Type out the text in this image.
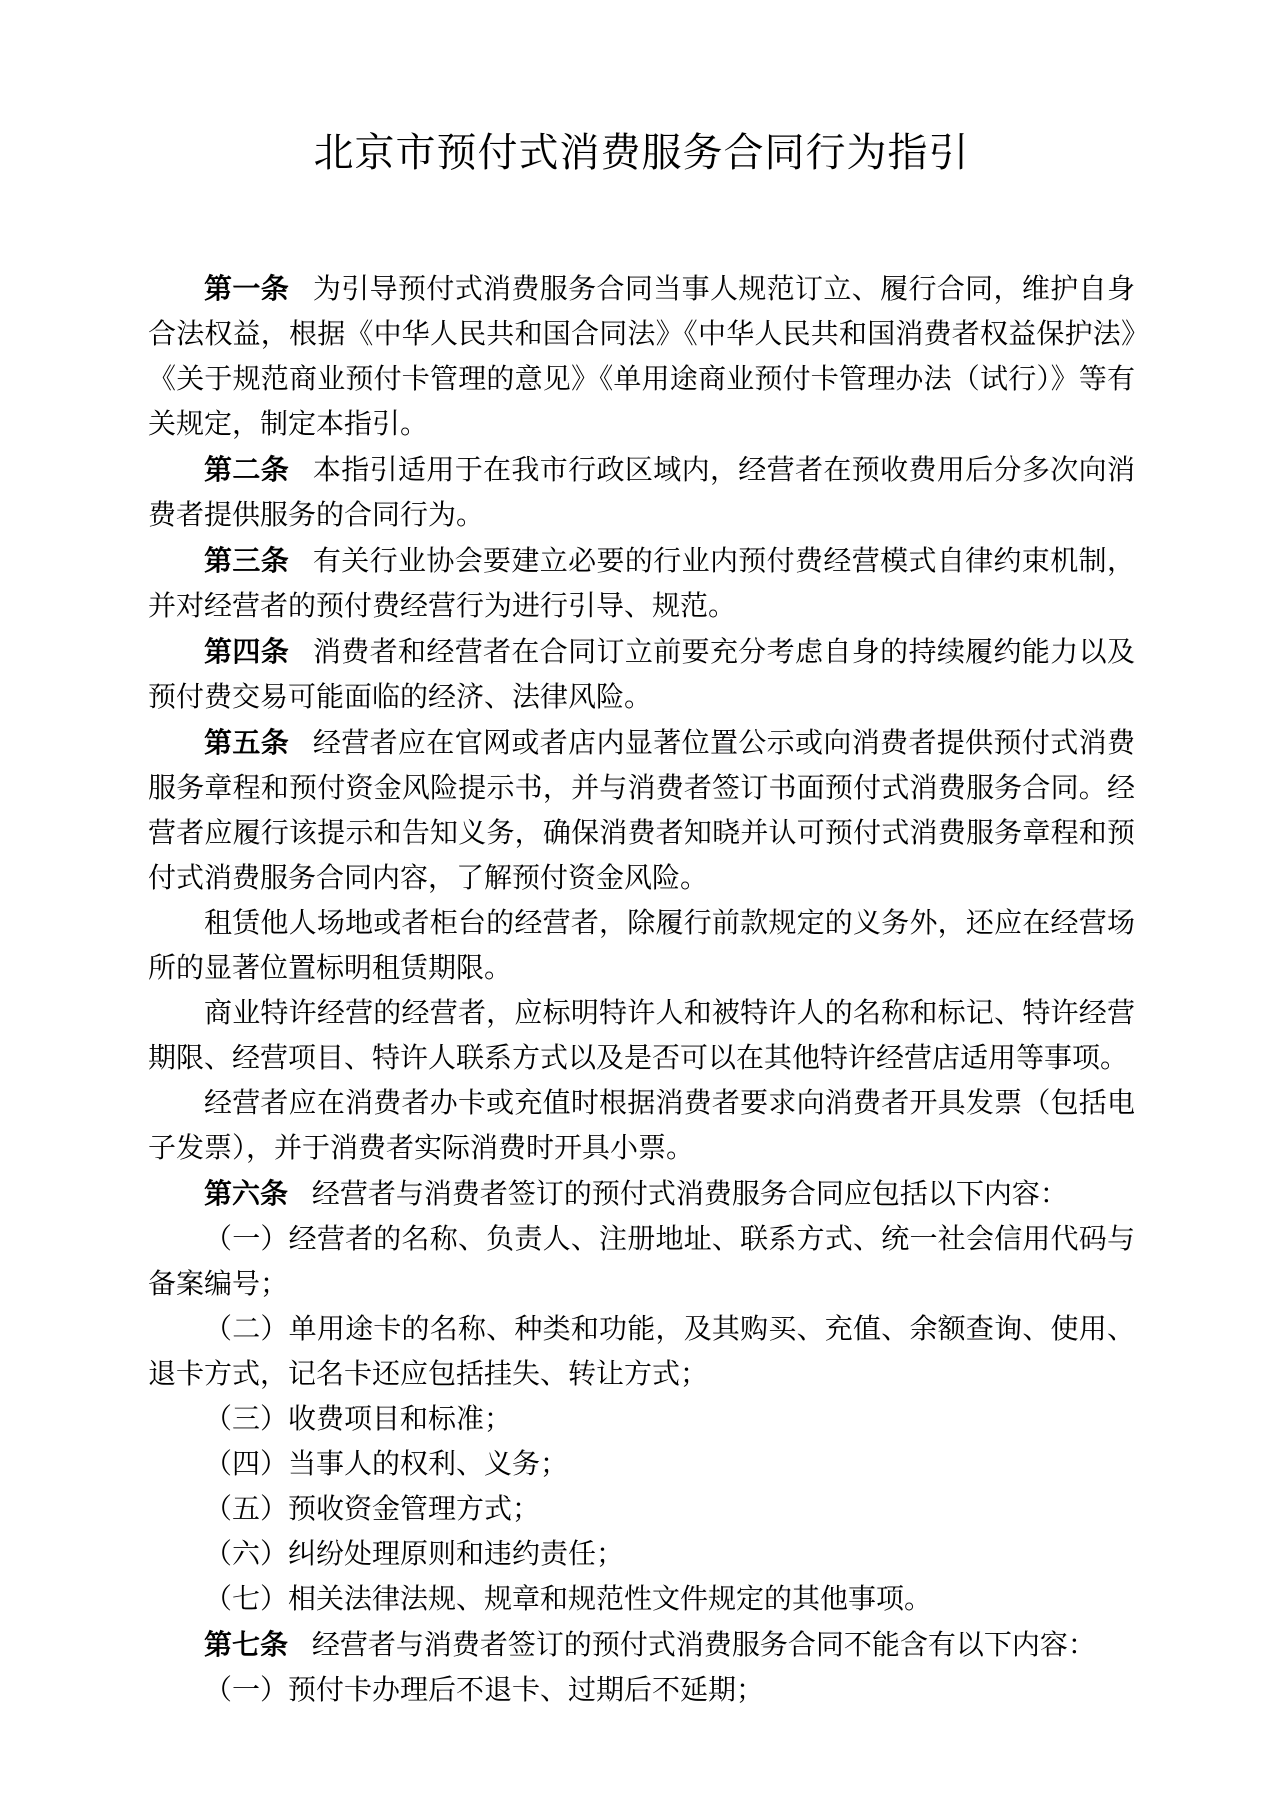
北京市预付式消费服务合同行为指引

第一条 为引导预付式消费服务合同当事人规范订立、履行合同，维护自身合法权益，根据《中华人民共和国合同法》《中华人民共和国消费者权益保护法》《关于规范商业预付卡管理的意见》《单用途商业预付卡管理办法（试行）》等有关规定，制定本指引。

第二条 本指引适用于在我市行政区域内，经营者在预收费用后分多次向消费者提供服务的合同行为。

第三条 有关行业协会要建立必要的行业内预付费经营模式自律约束机制，并对经营者的预付费经营行为进行引导、规范。

第四条 消费者和经营者在合同订立前要充分考虑自身的持续履约能力以及预付费交易可能面临的经济、法律风险。

第五条 经营者应在官网或者店内显著位置公示或向消费者提供预付式消费服务章程和预付资金风险提示书，并与消费者签订书面预付式消费服务合同。经营者应履行该提示和告知义务，确保消费者知晓并认可预付式消费服务章程和预付式消费服务合同内容，了解预付资金风险。

租赁他人场地或者柜台的经营者，除履行前款规定的义务外，还应在经营场所的显著位置标明租赁期限。

商业特许经营的经营者，应标明特许人和被特许人的名称和标记、特许经营期限、经营项目、特许人联系方式以及是否可以在其他特许经营店适用等事项。

经营者应在消费者办卡或充值时根据消费者要求向消费者开具发票（包括电子发票），并于消费者实际消费时开具小票。

第六条 经营者与消费者签订的预付式消费服务合同应包括以下内容：

（一）经营者的名称、负责人、注册地址、联系方式、统一社会信用代码与备案编号；

（二）单用途卡的名称、种类和功能，及其购买、充值、余额查询、使用、退卡方式，记名卡还应包括挂失、转让方式；

（三）收费项目和标准；

（四）当事人的权利、义务；

（五）预收资金管理方式；

（六）纠纷处理原则和违约责任；

（七）相关法律法规、规章和规范性文件规定的其他事项。

第七条 经营者与消费者签订的预付式消费服务合同不能含有以下内容：

（一）预付卡办理后不退卡、过期后不延期；
